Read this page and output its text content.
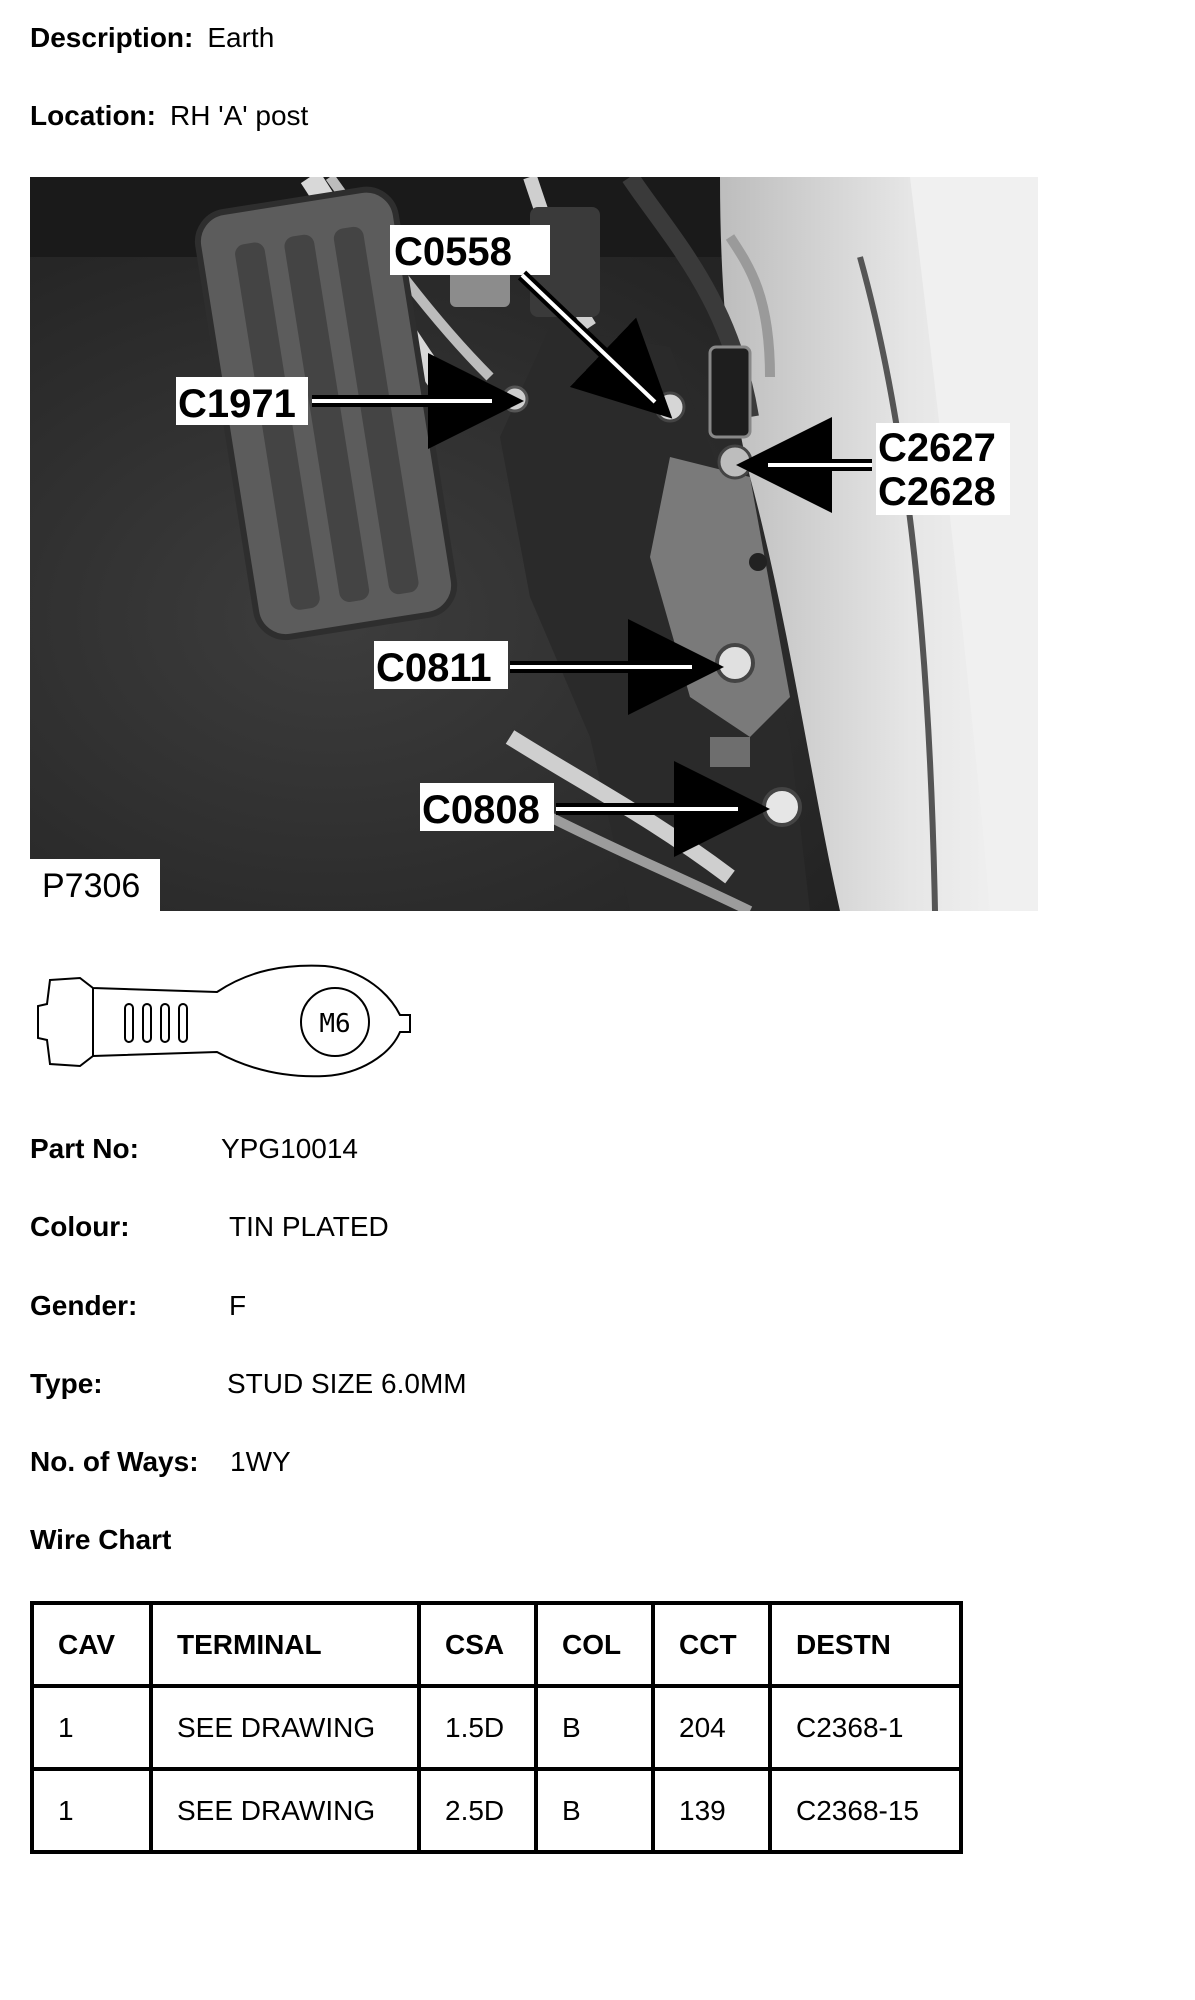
Description: Earth
Location: RH 'A' post
C0558
C1971
C2627
C2628
C0811
C0808
P7306
M6
Part No:	YPG10014
Colour:	TIN PLATED
Gender:	F
Type:	STUD SIZE 6.0MM
No. of Ways: 1WY
Wire Chart
CAV	TERMINAL	CSA	COL	CCT	DESTN
1	SEE DRAWING	1.5D	B	204	C2368-1
1	SEE DRAWING	2.5D	B	139	C2368-15
